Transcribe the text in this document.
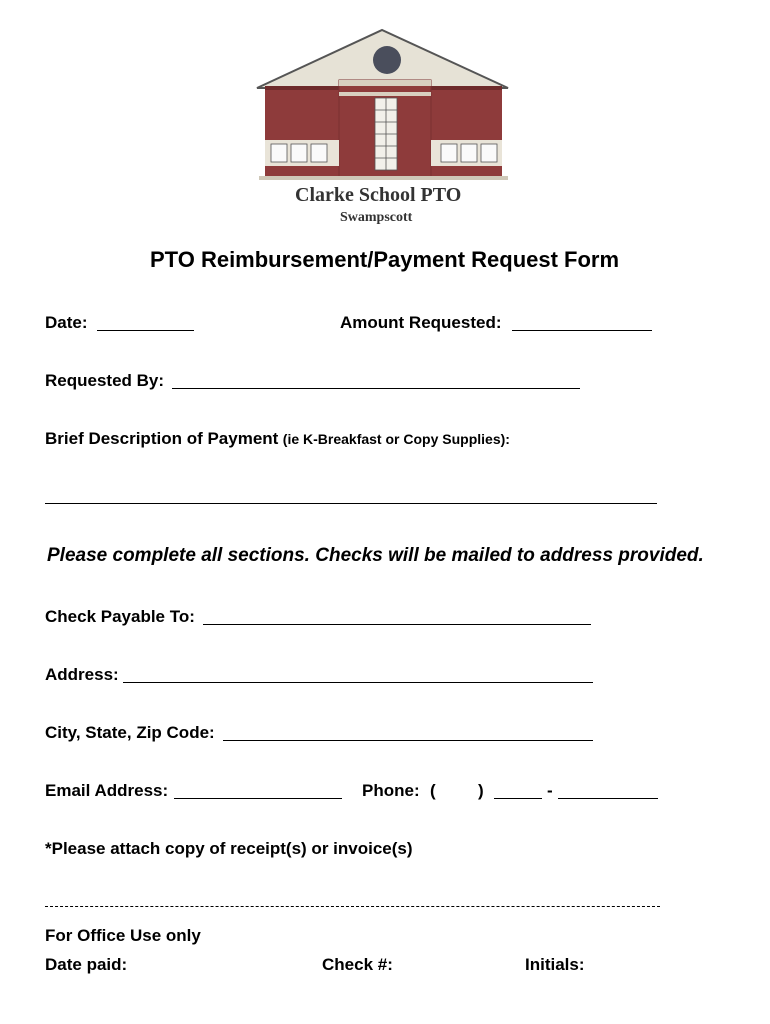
Clarke School PTO
Swampscott
PTO Reimbursement/Payment Request Form
Date:	Amount Requested:
Requested By:
Brief Description of Payment (ie K-Breakfast or Copy Supplies):
Please complete all sections. Checks will be mailed to address provided.
Check Payable To:
Address:
City, State, Zip Code:
Email Address:	Phone: ( )	-
*Please attach copy of receipt(s) or invoice(s)
For Office Use only
Date paid:	Check #:	Initials:
